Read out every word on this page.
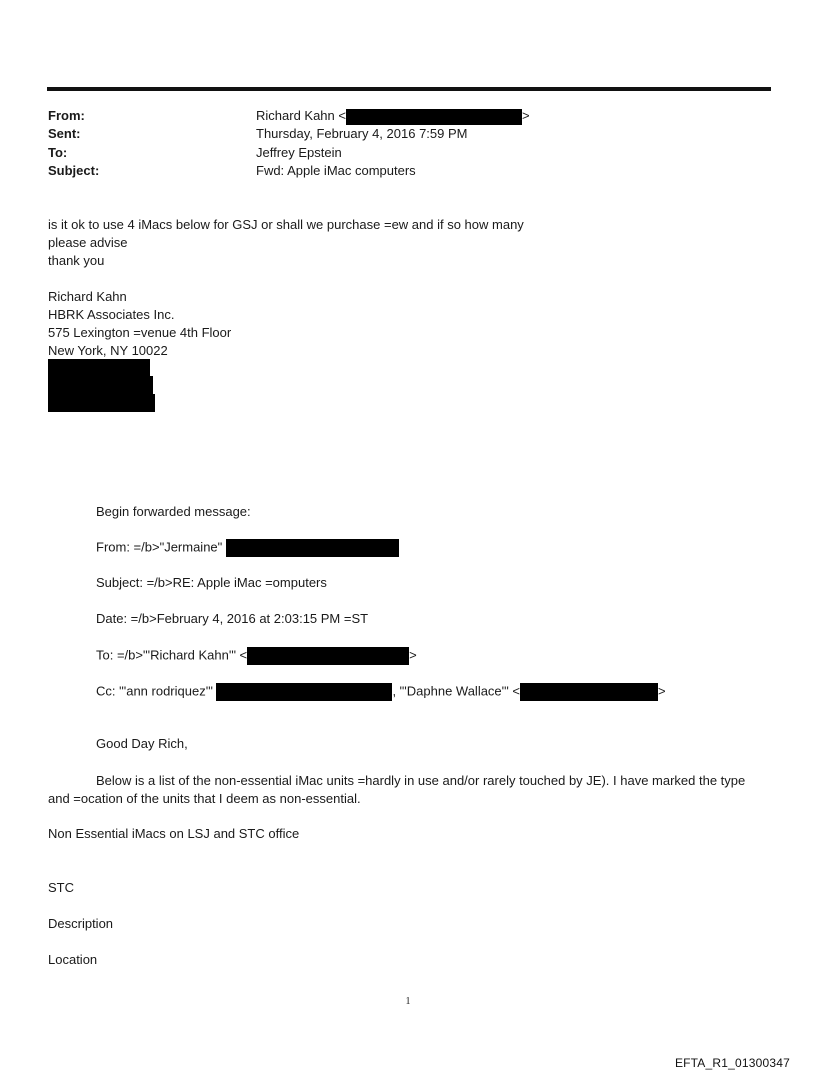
From:	Richard Kahn <	>
Sent:	Thursday, February 4, 2016 7:59 PM
To:	Jeffrey Epstein
Subject:	Fwd: Apple iMac computers
is it ok to use 4 iMacs below for GSJ or shall we purchase =ew and if so how many
please advise
thank you
Richard Kahn
HBRK Associates Inc.
575 Lexington =venue 4th Floor
New York, NY 10022
Begin forwarded message:
From: =/b>"Jermaine"
Subject: =/b>RE: Apple iMac =omputers
Date: =/b>February 4, 2016 at 2:03:15 PM =ST
To: =/b>"'Richard Kahn'" <	>
Cc: "'ann rodriquez'"	, "'Daphne Wallace'" <	>
Good Day Rich,
Below is a list of the non-essential iMac units =hardly in use and/or rarely touched by JE). I have marked the type
and =ocation of the units that I deem as non-essential.
Non Essential iMacs on LSJ and STC office
STC
Description
Location
1
EFTA_R1_01300347
